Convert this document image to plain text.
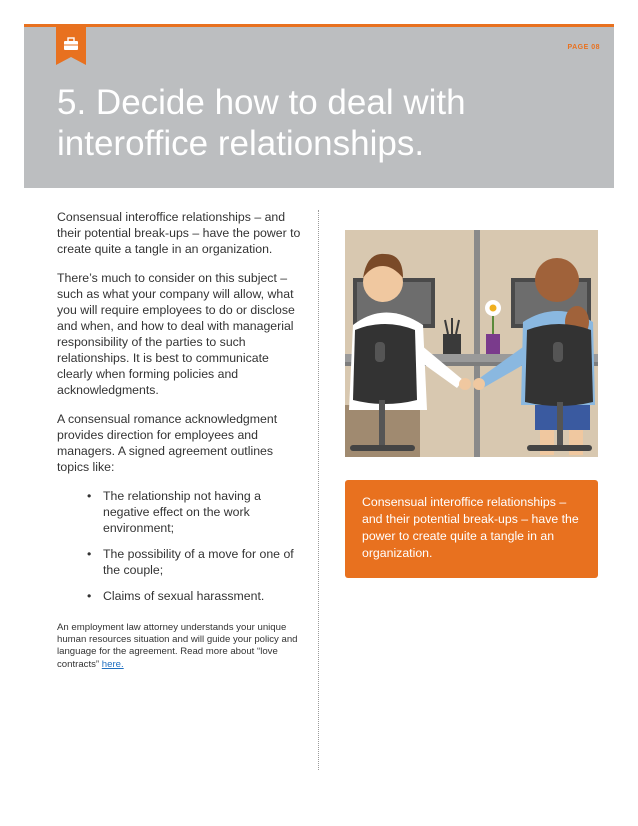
PAGE 08
5. Decide how to deal with interoffice relationships.

Consensual interoffice relationships – and their potential break-ups – have the power to create quite a tangle in an organization.

There’s much to consider on this subject – such as what your company will allow, what you will require employees to do or disclose and when, and how to deal with managerial responsibility of the parties to such relationships. It is best to communicate clearly when forming policies and acknowledgments.

A consensual romance acknowledgment provides direction for employees and managers. A signed agreement outlines topics like:

• The relationship not having a negative effect on the work environment;
• The possibility of a move for one of the couple;
• Claims of sexual harassment.

An employment law attorney understands your unique human resources situation and will guide your policy and language for the agreement. Read more about “love contracts” here.

Consensual interoffice relationships – and their potential break-ups – have the power to create quite a tangle in an organization.
